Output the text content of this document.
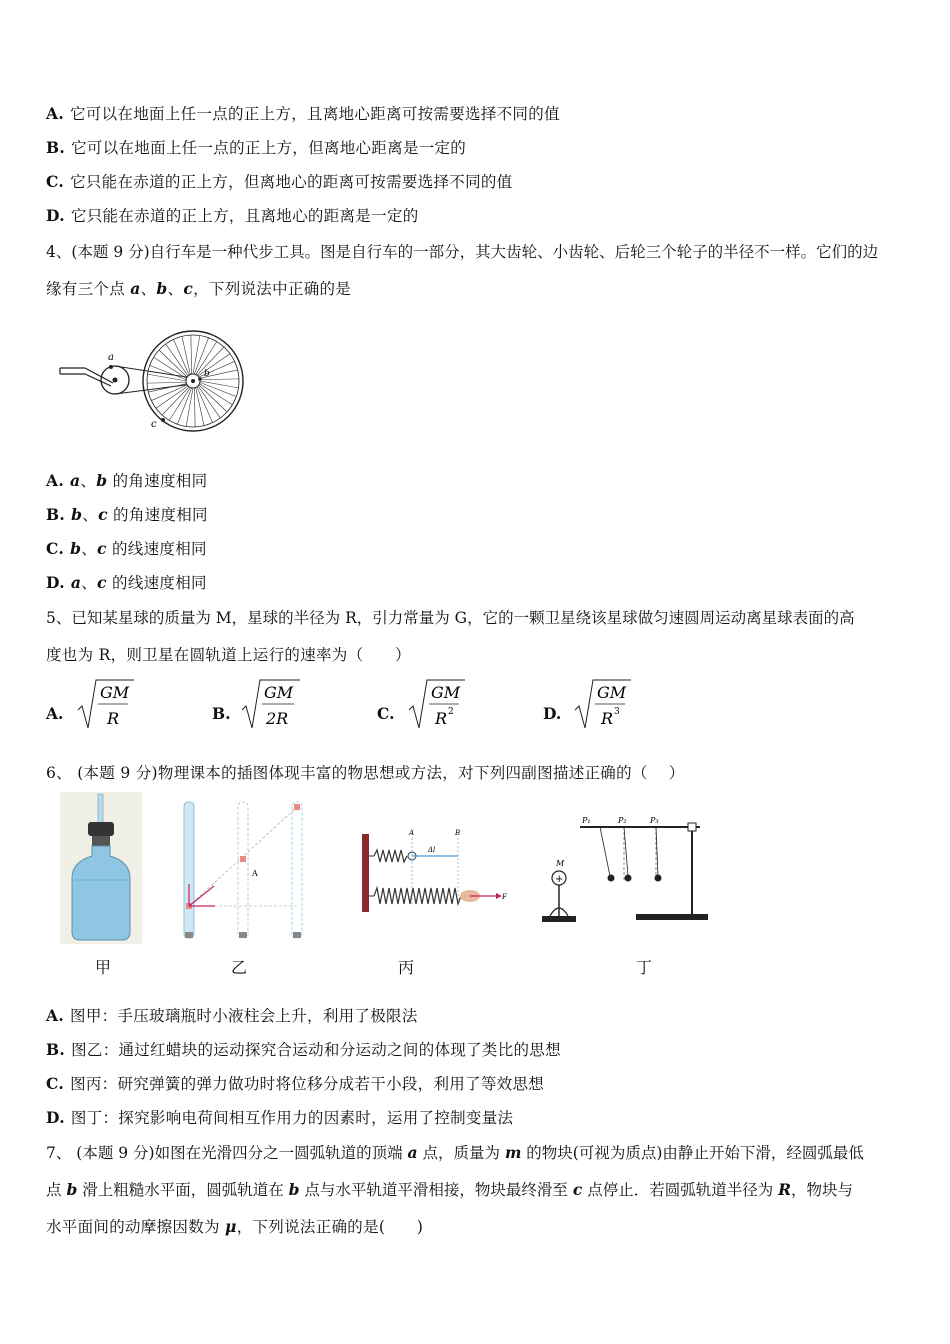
A. 它可以在地面上任一点的正上方，且离地心距离可按需要选择不同的值
B. 它可以在地面上任一点的正上方，但离地心距离是一定的
C. 它只能在赤道的正上方，但离地心的距离可按需要选择不同的值
D. 它只能在赤道的正上方，且离地心的距离是一定的
4、(本题 9 分)自行车是一种代步工具。图是自行车的一部分，其大齿轮、小齿轮、后轮三个轮子的半径不一样。它们的边
缘有三个点 a、b、c，下列说法中正确的是
a
b
c
A. a、b 的角速度相同
B. b、c 的角速度相同
C. b、c 的线速度相同
D. a、c 的线速度相同
5、已知某星球的质量为 M，星球的半径为 R，引力常量为 G，它的一颗卫星绕该星球做匀速圆周运动离星球表面的高
度也为 R，则卫星在圆轨道上运行的速率为（　　）
A.
GM
R	B.
GM
2R	C.
GM
R 2	D.
GM
R 3
6、 (本题 9 分)物理课本的插图体现丰富的物思想或方法，对下列四副图描述正确的（　 ）
A
A	B
Δl
F
+
M
P₁	P₂	P₃
甲	乙	丙	丁
A. 图甲：手压玻璃瓶时小液柱会上升，利用了极限法
B. 图乙：通过红蜡块的运动探究合运动和分运动之间的体现了类比的思想
C. 图丙：研究弹簧的弹力做功时将位移分成若干小段，利用了等效思想
D. 图丁：探究影响电荷间相互作用力的因素时，运用了控制变量法
7、 (本题 9 分)如图在光滑四分之一圆弧轨道的顶端 a 点，质量为 m 的物块(可视为质点)由静止开始下滑，经圆弧最低
点 b 滑上粗糙水平面，圆弧轨道在 b 点与水平轨道平滑相接，物块最终滑至 c 点停止．若圆弧轨道半径为 R，物块与
水平面间的动摩擦因数为 μ，下列说法正确的是(　　)
